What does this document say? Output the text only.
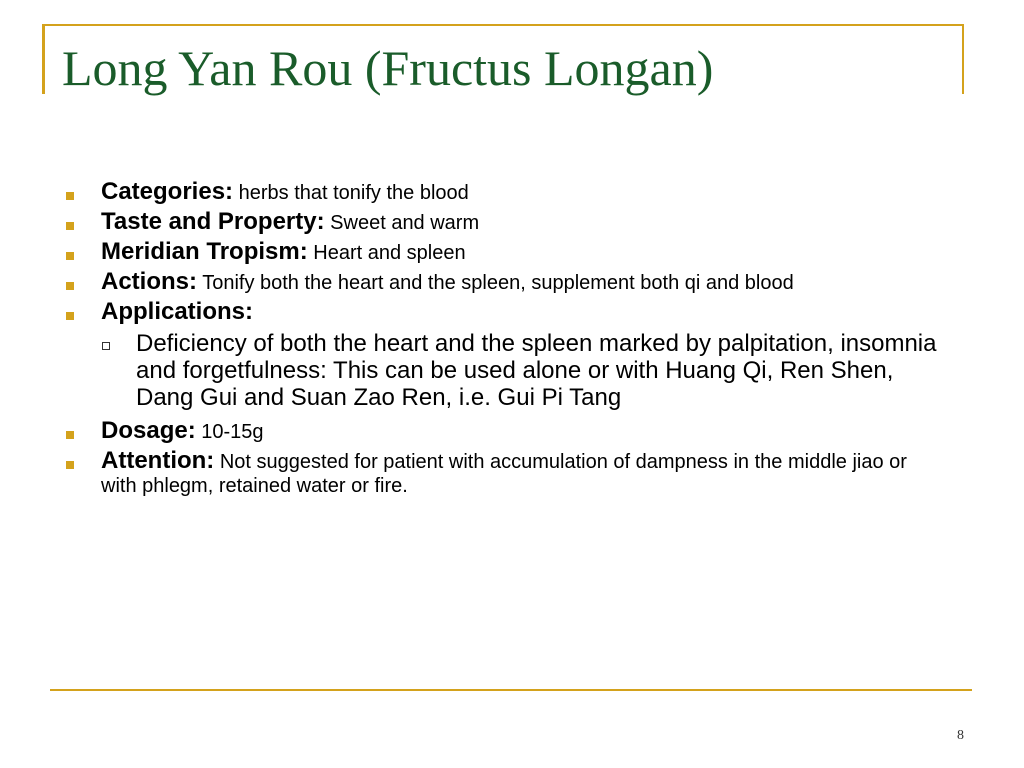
Long Yan Rou (Fructus Longan)
Categories: herbs that tonify the blood
Taste and Property: Sweet and warm
Meridian Tropism: Heart and spleen
Actions: Tonify both the heart and the spleen, supplement both qi and blood
Applications:
Deficiency of both the heart and the spleen marked by palpitation, insomnia and forgetfulness: This can be used alone or with Huang Qi, Ren Shen, Dang Gui and Suan Zao Ren, i.e. Gui Pi Tang
Dosage: 10-15g
Attention: Not suggested for patient with accumulation of dampness in the middle jiao or with phlegm, retained water or fire.
8
